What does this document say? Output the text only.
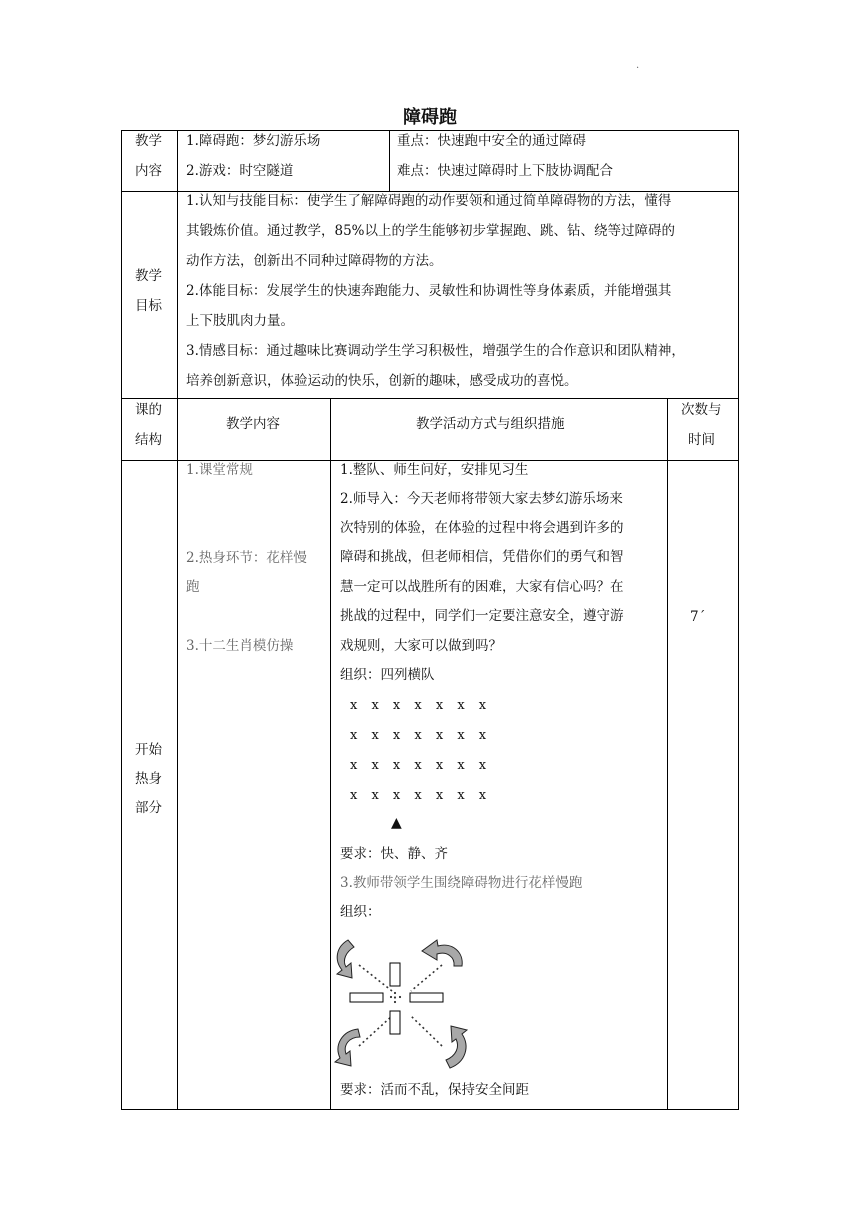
.
障碍跑
教学
内容
1.障碍跑：梦幻游乐场
2.游戏：时空隧道
重点：快速跑中安全的通过障碍
难点：快速过障碍时上下肢协调配合
教学
目标
1.认知与技能目标：使学生了解障碍跑的动作要领和通过简单障碍物的方法，懂得
其锻炼价值。通过教学，85%以上的学生能够初步掌握跑、跳、钻、绕等过障碍的
动作方法，创新出不同种过障碍物的方法。
2.体能目标：发展学生的快速奔跑能力、灵敏性和协调性等身体素质，并能增强其
上下肢肌肉力量。
3.情感目标：通过趣味比赛调动学生学习积极性，增强学生的合作意识和团队精神，
培养创新意识，体验运动的快乐，创新的趣味，感受成功的喜悦。
课的
结构
教学内容	教学活动方式与组织措施
次数与
时间
开始
热身
部分
1.课堂常规
2.热身环节：花样慢
跑
3.十二生肖模仿操
1.整队、师生问好，安排见习生
2.师导入：今天老师将带领大家去梦幻游乐场来
次特别的体验，在体验的过程中将会遇到许多的
障碍和挑战，但老师相信，凭借你们的勇气和智
慧一定可以战胜所有的困难，大家有信心吗？在
挑战的过程中，同学们一定要注意安全，遵守游
戏规则，大家可以做到吗？
组织：四列横队
x x x x x x x
x x x x x x x
x x x x x x x
x x x x x x x
▲
要求：快、静、齐
3.教师带领学生围绕障碍物进行花样慢跑
组织：
要求：活而不乱，保持安全间距
7´
